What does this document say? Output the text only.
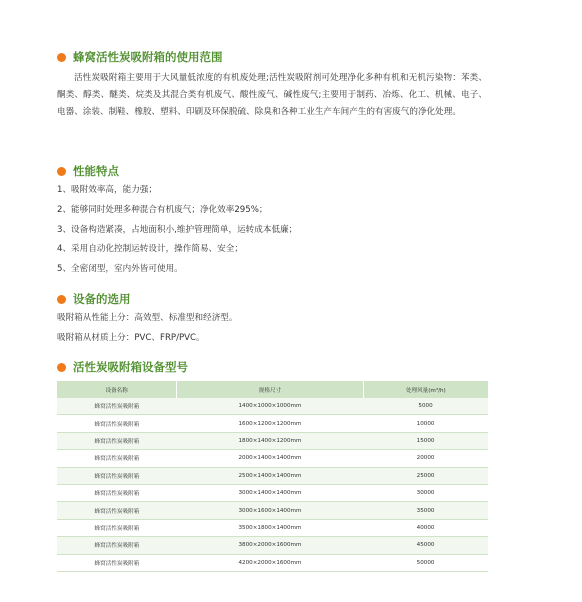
蜂窝活性炭吸附箱的使用范围
活性炭吸附箱主要用于大风量低浓度的有机废处理;活性炭吸附剂可处理净化多种有机和无机污染物：苯类、酮类、醇类、醚类、烷类及其混合类有机废气、酸性废气、碱性废气;主要用于制药、冶炼、化工、机械、电子、电器、涂装、制鞋、橡胶、塑料、印刷及环保脱硫、除臭和各种工业生产车间产生的有害废气的净化处理。
性能特点
1、吸附效率高，能力强；
2、能够同时处理多种混合有机废气；净化效率295%；
3、设备构造紧凑，占地面积小,维护管理简单，运转成本低廉；
4、采用自动化控制运转设计，操作简易、安全；
5、全密闭型，室内外皆可使用。
设备的选用
吸附箱从性能上分：高效型、标准型和经济型。
吸附箱从材质上分：PVC、FRP/PVC。
活性炭吸附箱设备型号
设备名称	规格尺寸	处理风量(m³/h)
蜂窝活性炭吸附箱	1400×1000×1000mm	5000
蜂窝活性炭吸附箱	1600×1200×1200mm	10000
蜂窝活性炭吸附箱	1800×1400×1200mm	15000
蜂窝活性炭吸附箱	2000×1400×1400mm	20000
蜂窝活性炭吸附箱	2500×1400×1400mm	25000
蜂窝活性炭吸附箱	3000×1400×1400mm	30000
蜂窝活性炭吸附箱	3000×1600×1400mm	35000
蜂窝活性炭吸附箱	3500×1800×1400mm	40000
蜂窝活性炭吸附箱	3800×2000×1600mm	45000
蜂窝活性炭吸附箱	4200×2000×1600mm	50000
